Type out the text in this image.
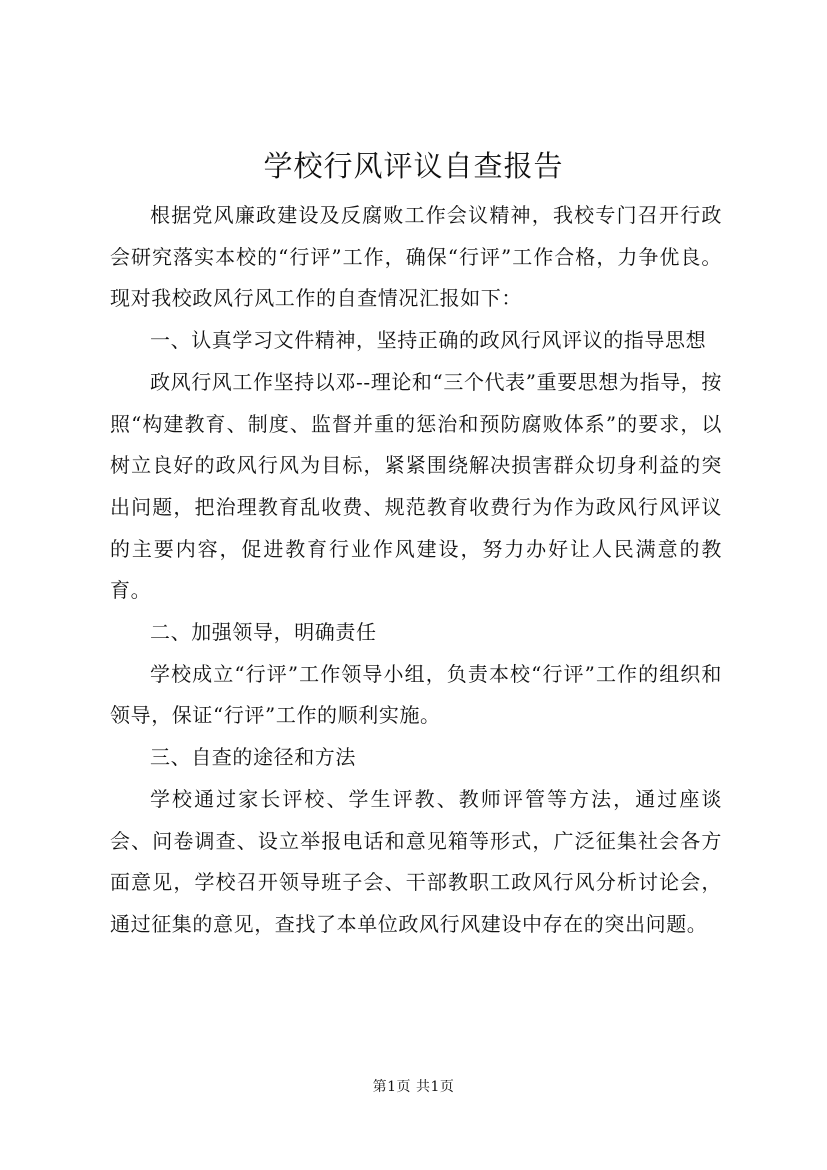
学校行风评议自查报告

根据党风廉政建设及反腐败工作会议精神，我校专门召开行政会研究落实本校的“行评”工作，确保“行评”工作合格，力争优良。现对我校政风行风工作的自查情况汇报如下：

一、认真学习文件精神，坚持正确的政风行风评议的指导思想

政风行风工作坚持以邓--理论和“三个代表”重要思想为指导，按照“构建教育、制度、监督并重的惩治和预防腐败体系”的要求，以树立良好的政风行风为目标，紧紧围绕解决损害群众切身利益的突出问题，把治理教育乱收费、规范教育收费行为作为政风行风评议的主要内容，促进教育行业作风建设，努力办好让人民满意的教育。

二、加强领导，明确责任

学校成立“行评”工作领导小组，负责本校“行评”工作的组织和领导，保证“行评”工作的顺利实施。

三、自查的途径和方法

学校通过家长评校、学生评教、教师评管等方法，通过座谈会、问卷调查、设立举报电话和意见箱等形式，广泛征集社会各方面意见，学校召开领导班子会、干部教职工政风行风分析讨论会，通过征集的意见，查找了本单位政风行风建设中存在的突出问题。

第1页 共1页
